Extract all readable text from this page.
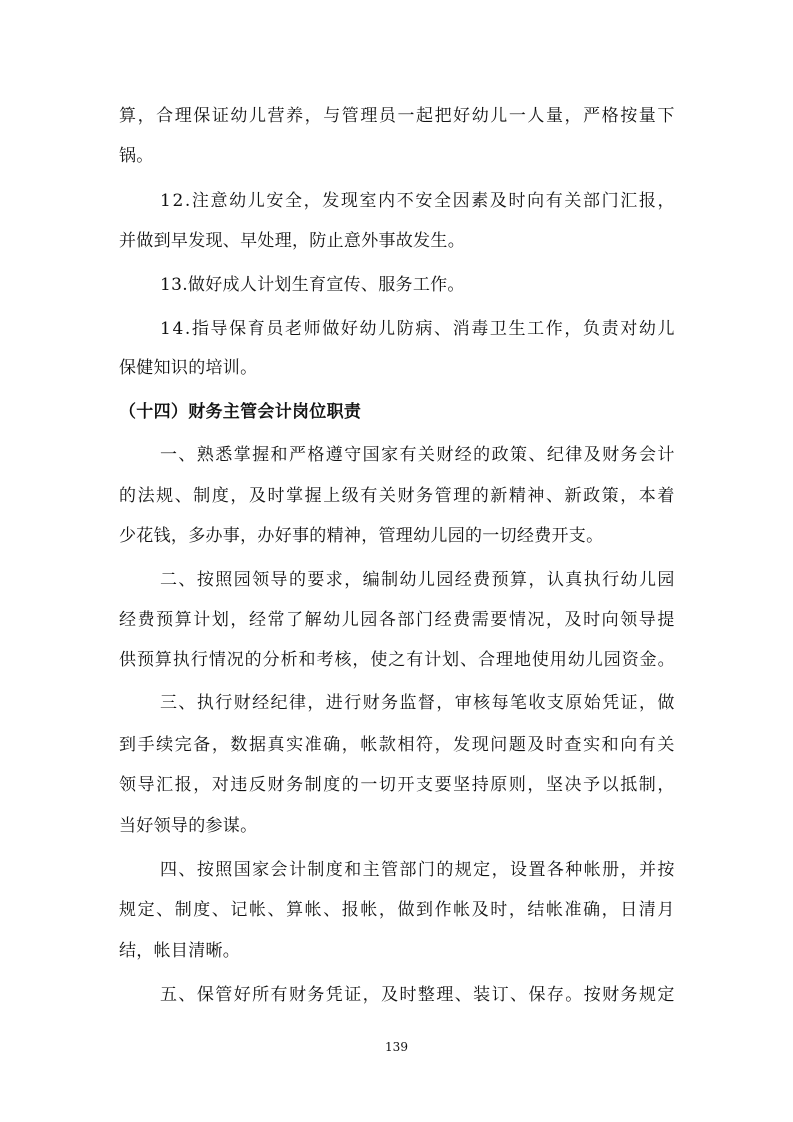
算 ， 合 理 保 证 幼 儿 营 养 ， 与 管 理 员 一 起 把 好 幼 儿 一 人 量 ， 严 格 按 量 下
锅。
1 2 . 注 意 幼 儿 安 全 ， 发 现 室 内 不 安 全 因 素 及 时 向 有 关 部 门 汇 报 ，
并做到早发现、早处理，防止意外事故发生。
13.做好成人计划生育宣传、服务工作。
1 4 . 指 导 保 育 员 老 师 做 好 幼 儿 防 病 、 消 毒 卫 生 工 作 ， 负 责 对 幼 儿
保健知识的培训。
（十四）财务主管会计岗位职责
一 、 熟 悉 掌 握 和 严 格 遵 守 国 家 有 关 财 经 的 政 策 、 纪 律 及 财 务 会 计
的 法 规 、 制 度 ， 及 时 掌 握 上 级 有 关 财 务 管 理 的 新 精 神 、 新 政 策 ， 本 着
少花钱，多办事，办好事的精神，管理幼儿园的一切经费开支。
二 、 按 照 园 领 导 的 要 求 ， 编 制 幼 儿 园 经 费 预 算 ， 认 真 执 行 幼 儿 园
经 费 预 算 计 划 ， 经 常 了 解 幼 儿 园 各 部 门 经 费 需 要 情 况 ， 及 时 向 领 导 提
供 预 算 执 行 情 况 的 分 析 和 考 核 ， 使 之 有 计 划 、 合 理 地 使 用 幼 儿 园 资 金 。
三 、 执 行 财 经 纪 律 ， 进 行 财 务 监 督 ， 审 核 每 笔 收 支 原 始 凭 证 ， 做
到 手 续 完 备 ， 数 据 真 实 准 确 ， 帐 款 相 符 ， 发 现 问 题 及 时 查 实 和 向 有 关
领 导 汇 报 ， 对 违 反 财 务 制 度 的 一 切 开 支 要 坚 持 原 则 ， 坚 决 予 以 抵 制 ，
当好领导的参谋。
四 、 按 照 国 家 会 计 制 度 和 主 管 部 门 的 规 定 ， 设 置 各 种 帐 册 ， 并 按
规 定 、 制 度 、 记 帐 、 算 帐 、 报 帐 ， 做 到 作 帐 及 时 ， 结 帐 准 确 ， 日 清 月
结，帐目清晰。
五 、 保 管 好 所 有 财 务 凭 证 ， 及 时 整 理 、 装 订 、 保 存 。 按 财 务 规 定
139
